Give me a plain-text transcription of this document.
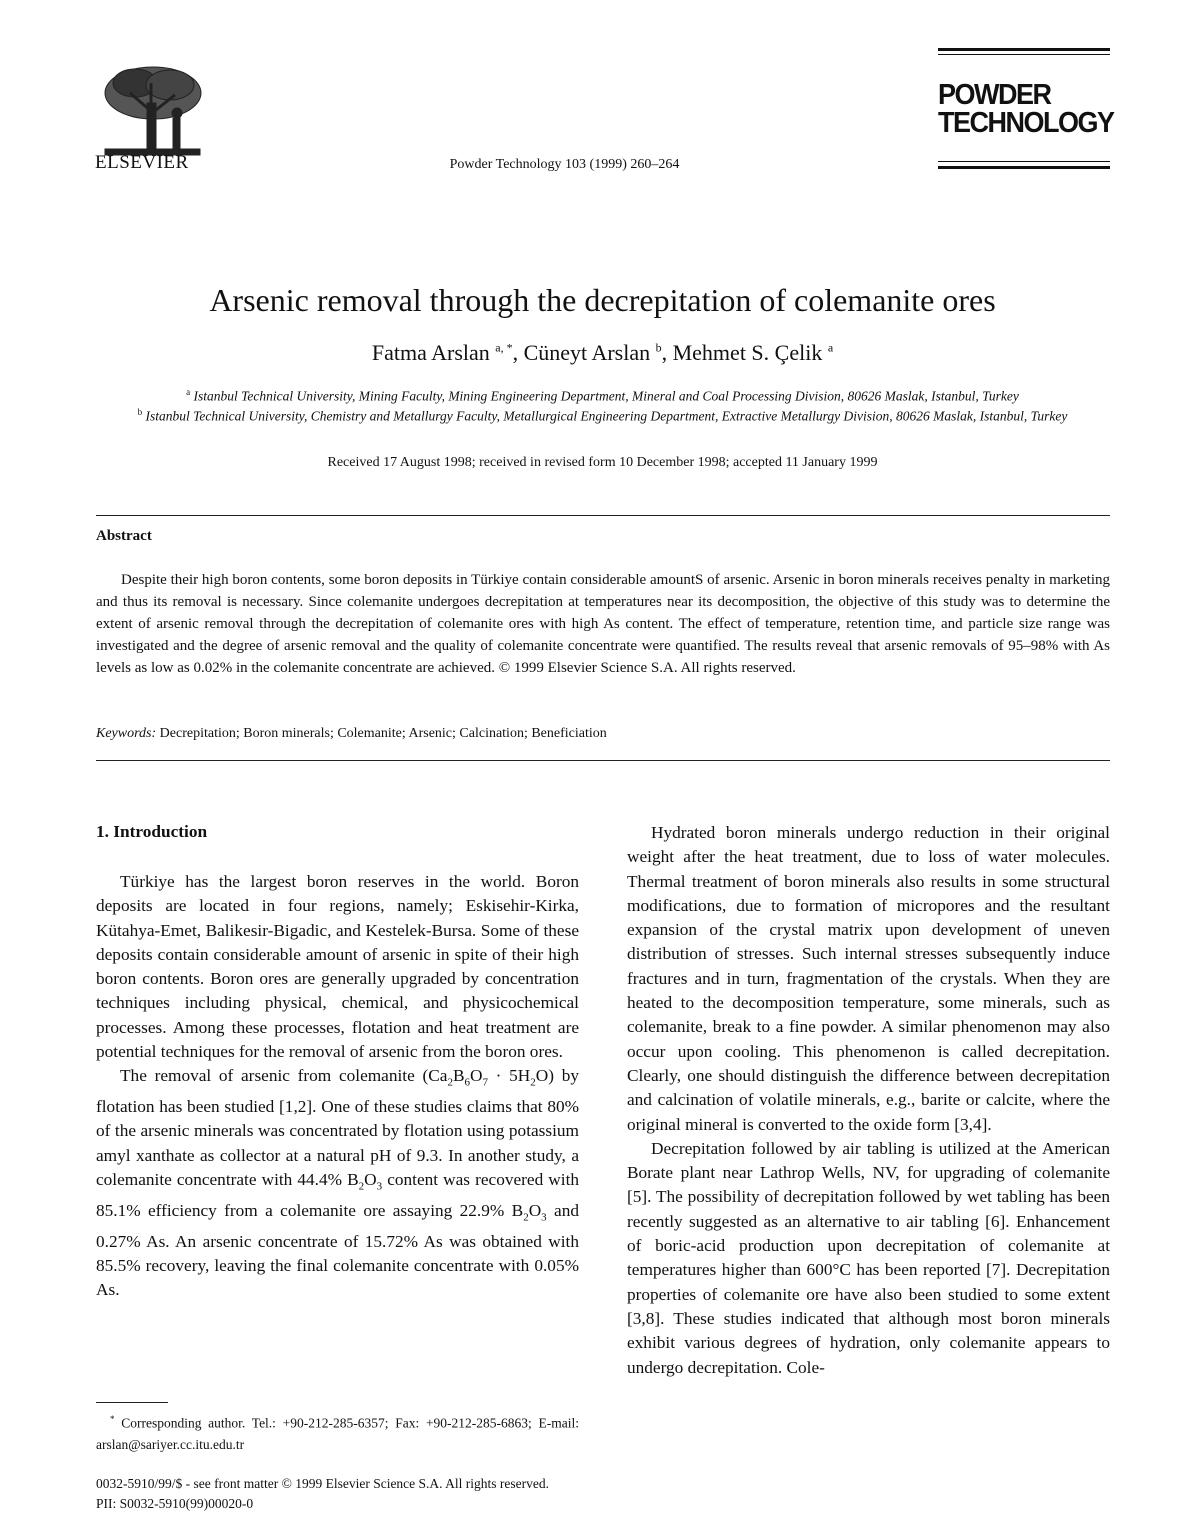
ELSEVIER	Powder Technology 103 (1999) 260–264
POWDER
TECHNOLOGY
Arsenic removal through the decrepitation of colemanite ores
Fatma Arslan $^{a, *}$, Cüneyt Arslan $^b$, Mehmet S. Çelik $^a$
$^a$ Istanbul Technical University, Mining Faculty, Mining Engineering Department, Mineral and Coal Processing Division, 80626 Maslak, Istanbul, Turkey
$^b$ Istanbul Technical University, Chemistry and Metallurgy Faculty, Metallurgical Engineering Department, Extractive Metallurgy Division, 80626 Maslak, Istanbul, Turkey
Received 17 August 1998; received in revised form 10 December 1998; accepted 11 January 1999
Abstract
Despite their high boron contents, some boron deposits in Türkiye contain considerable amountS of arsenic. Arsenic in boron minerals receives penalty in marketing and thus its removal is necessary. Since colemanite undergoes decrepitation at temperatures near its decomposition, the objective of this study was to determine the extent of arsenic removal through the decrepitation of colemanite ores with high As content. The effect of temperature, retention time, and particle size range was investigated and the degree of arsenic removal and the quality of colemanite concentrate were quantified. The results reveal that arsenic removals of 95–98% with As levels as low as 0.02% in the colemanite concentrate are achieved. © 1999 Elsevier Science S.A. All rights reserved.
Keywords: Decrepitation; Boron minerals; Colemanite; Arsenic; Calcination; Beneficiation
1. Introduction

Türkiye has the largest boron reserves in the world. Boron deposits are located in four regions, namely; Eskisehir-Kirka, Kütahya-Emet, Balikesir-Bigadic, and Kestelek-Bursa. Some of these deposits contain considerable amount of arsenic in spite of their high boron contents. Boron ores are generally upgraded by concentration techniques including physical, chemical, and physicochemical processes. Among these processes, flotation and heat treatment are potential techniques for the removal of arsenic from the boron ores.

The removal of arsenic from colemanite $(Ca_2B_6O_7 \cdot 5H_2O)$ by flotation has been studied [1,2]. One of these studies claims that 80% of the arsenic minerals was concentrated by flotation using potassium amyl xanthate as collector at a natural pH of 9.3. In another study, a colemanite concentrate with 44.4% $B_2O_3$ content was recovered with 85.1% efficiency from a colemanite ore assaying 22.9% $B_2O_3$ and 0.27% As. An arsenic concentrate of 15.72% As was obtained with 85.5% recovery, leaving the final colemanite concentrate with 0.05% As.

Hydrated boron minerals undergo reduction in their original weight after the heat treatment, due to loss of water molecules. Thermal treatment of boron minerals also results in some structural modifications, due to formation of micropores and the resultant expansion of the crystal matrix upon development of uneven distribution of stresses. Such internal stresses subsequently induce fractures and in turn, fragmentation of the crystals. When they are heated to the decomposition temperature, some minerals, such as colemanite, break to a fine powder. A similar phenomenon may also occur upon cooling. This phenomenon is called decrepitation. Clearly, one should distinguish the difference between decrepitation and calcination of volatile minerals, e.g., barite or calcite, where the original mineral is converted to the oxide form [3,4].

Decrepitation followed by air tabling is utilized at the American Borate plant near Lathrop Wells, NV, for upgrading of colemanite [5]. The possibility of decrepitation followed by wet tabling has been recently suggested as an alternative to air tabling [6]. Enhancement of boric-acid production upon decrepitation of colemanite at temperatures higher than 600°C has been reported [7]. Decrepitation properties of colemanite ore have also been studied to some extent [3,8]. These studies indicated that although most boron minerals exhibit various degrees of hydration, only colemanite appears to undergo decrepitation. Cole-

* Corresponding author. Tel.: +90-212-285-6357; Fax: +90-212-285-6863; E-mail: arslan@sariyer.cc.itu.edu.tr
0032-5910/99/$ - see front matter © 1999 Elsevier Science S.A. All rights reserved.
PII: S0032-5910(99)00020-0
